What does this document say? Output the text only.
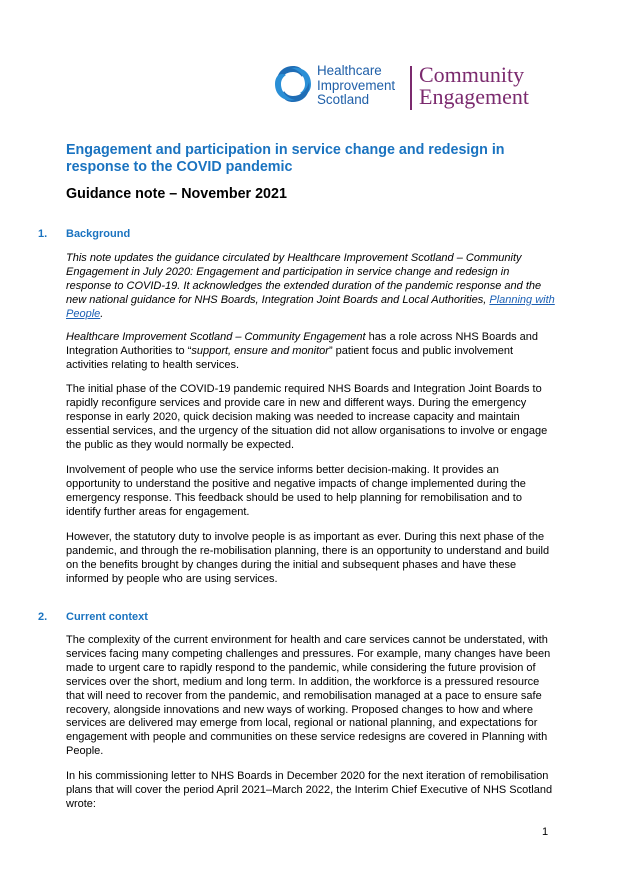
Healthcare
Improvement
Scotland
Community
Engagement
Engagement and participation in service change and redesign in response to the COVID pandemic
Guidance note – November 2021
1. Background
This note updates the guidance circulated by Healthcare Improvement Scotland – Community Engagement in July 2020: Engagement and participation in service change and redesign in response to COVID-19. It acknowledges the extended duration of the pandemic response and the new national guidance for NHS Boards, Integration Joint Boards and Local Authorities, Planning with People.
Healthcare Improvement Scotland – Community Engagement has a role across NHS Boards and Integration Authorities to “support, ensure and monitor” patient focus and public involvement activities relating to health services.
The initial phase of the COVID-19 pandemic required NHS Boards and Integration Joint Boards to rapidly reconfigure services and provide care in new and different ways. During the emergency response in early 2020, quick decision making was needed to increase capacity and maintain essential services, and the urgency of the situation did not allow organisations to involve or engage the public as they would normally be expected.
Involvement of people who use the service informs better decision-making. It provides an opportunity to understand the positive and negative impacts of change implemented during the emergency response. This feedback should be used to help planning for remobilisation and to identify further areas for engagement.
However, the statutory duty to involve people is as important as ever. During this next phase of the pandemic, and through the re-mobilisation planning, there is an opportunity to understand and build on the benefits brought by changes during the initial and subsequent phases and have these informed by people who are using services.
2. Current context
The complexity of the current environment for health and care services cannot be understated, with services facing many competing challenges and pressures. For example, many changes have been made to urgent care to rapidly respond to the pandemic, while considering the future provision of services over the short, medium and long term. In addition, the workforce is a pressured resource that will need to recover from the pandemic, and remobilisation managed at a pace to ensure safe recovery, alongside innovations and new ways of working. Proposed changes to how and where services are delivered may emerge from local, regional or national planning, and expectations for engagement with people and communities on these service redesigns are covered in Planning with People.
In his commissioning letter to NHS Boards in December 2020 for the next iteration of remobilisation plans that will cover the period April 2021–March 2022, the Interim Chief Executive of NHS Scotland wrote:
1
